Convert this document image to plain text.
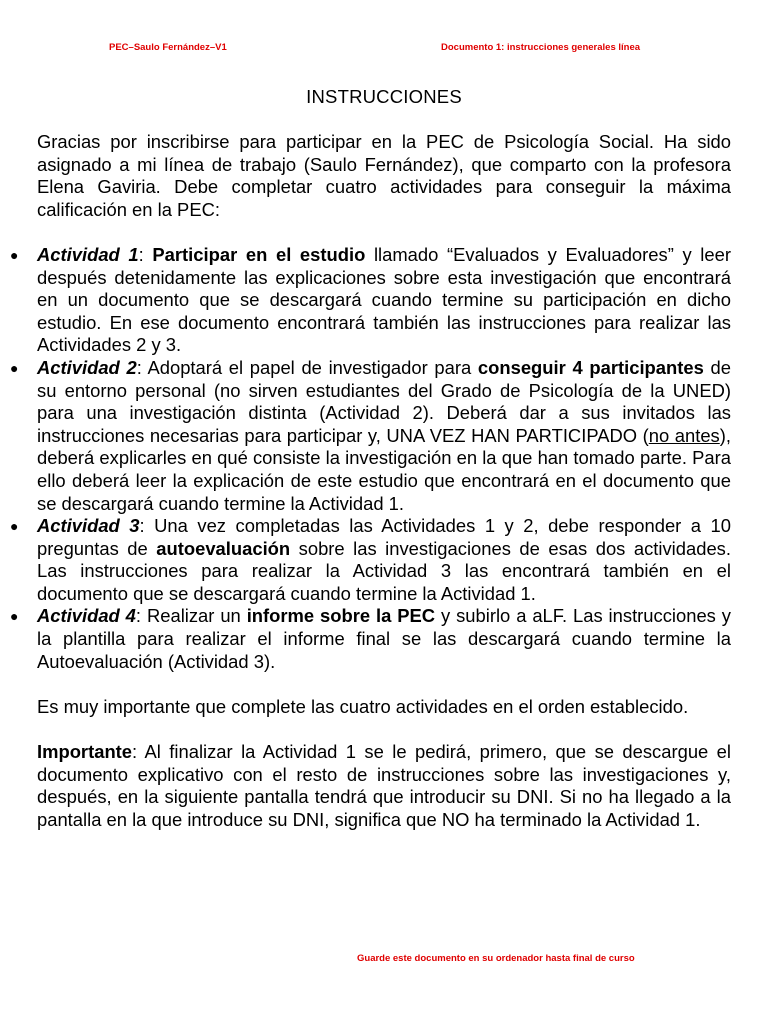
PEC–Saulo Fernández–V1	Documento 1: instrucciones generales línea
INSTRUCCIONES

Gracias por inscribirse para participar en la PEC de Psicología Social. Ha sido asignado a mi línea de trabajo (Saulo Fernández), que comparto con la profesora Elena Gaviria. Debe completar cuatro actividades para conseguir la máxima calificación en la PEC:

● Actividad 1: Participar en el estudio llamado “Evaluados y Evaluadores” y leer después detenidamente las explicaciones sobre esta investigación que encontrará en un documento que se descargará cuando termine su participación en dicho estudio. En ese documento encontrará también las instrucciones para realizar las Actividades 2 y 3.
● Actividad 2: Adoptará el papel de investigador para conseguir 4 participantes de su entorno personal (no sirven estudiantes del Grado de Psicología de la UNED) para una investigación distinta (Actividad 2). Deberá dar a sus invitados las instrucciones necesarias para participar y, UNA VEZ HAN PARTICIPADO (no antes), deberá explicarles en qué consiste la investigación en la que han tomado parte. Para ello deberá leer la explicación de este estudio que encontrará en el documento que se descargará cuando termine la Actividad 1.
● Actividad 3: Una vez completadas las Actividades 1 y 2, debe responder a 10 preguntas de autoevaluación sobre las investigaciones de esas dos actividades. Las instrucciones para realizar la Actividad 3 las encontrará también en el documento que se descargará cuando termine la Actividad 1.
● Actividad 4: Realizar un informe sobre la PEC y subirlo a aLF. Las instrucciones y la plantilla para realizar el informe final se las descargará cuando termine la Autoevaluación (Actividad 3).

Es muy importante que complete las cuatro actividades en el orden establecido.

Importante: Al finalizar la Actividad 1 se le pedirá, primero, que se descargue el documento explicativo con el resto de instrucciones sobre las investigaciones y, después, en la siguiente pantalla tendrá que introducir su DNI. Si no ha llegado a la pantalla en la que introduce su DNI, significa que NO ha terminado la Actividad 1.

Guarde este documento en su ordenador hasta final de curso
